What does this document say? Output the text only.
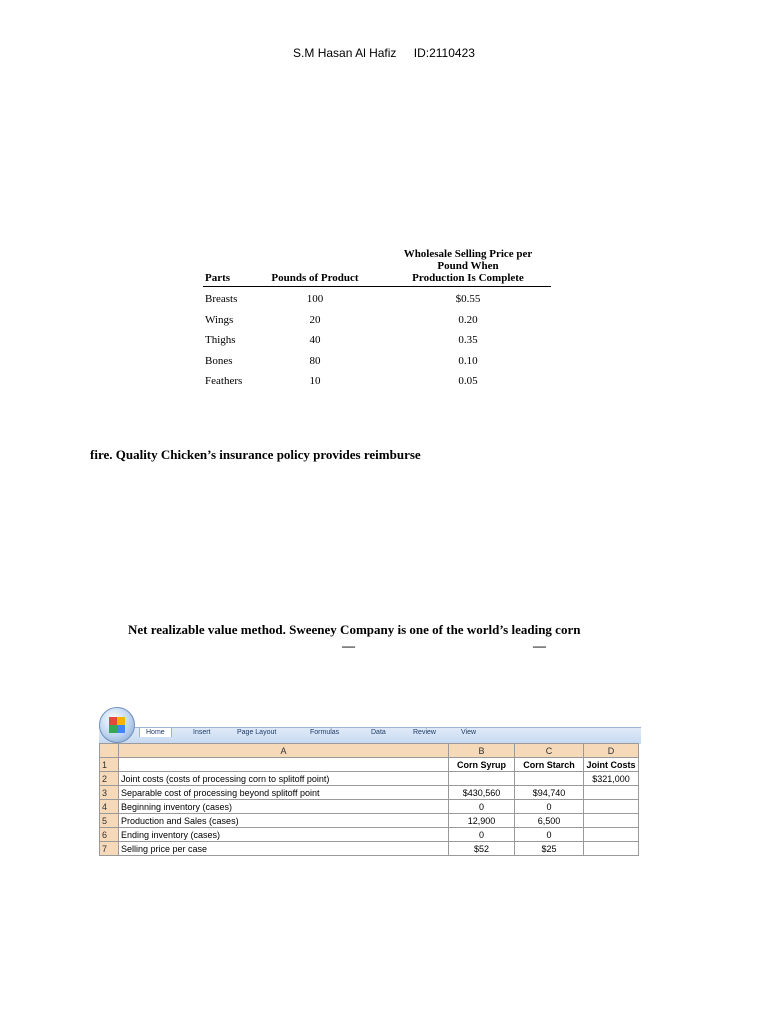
S.M Hasan Al Hafiz ID:2110423
Parts	Pounds of Product
Wholesale Selling Price per
Pound When
Production Is Complete
Breasts	100	$0.55
Wings	20	0.20
Thighs	40	0.35
Bones	80	0.10
Feathers	10	0.05
fire. Quality Chicken’s insurance policy provides reimburse
Net realizable value method. Sweeney Company is one of the world’s leading corn
—	—
Home	Insert	Page Layout	Formulas	Data	Review	View
	A	B	C	D
1		Corn Syrup	Corn Starch	Joint Costs
2	Joint costs (costs of processing corn to splitoff point)			$321,000
3	Separable cost of processing beyond splitoff point	$430,560	$94,740	
4	Beginning inventory (cases)	0	0	
5	Production and Sales (cases)	12,900	6,500	
6	Ending inventory (cases)	0	0	
7	Selling price per case	$52	$25	
